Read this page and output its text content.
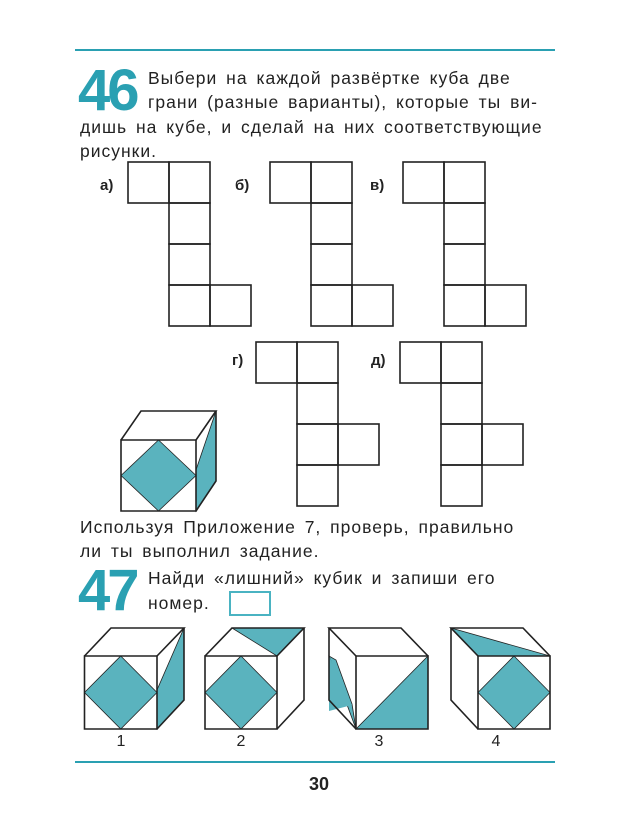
46 Выбери на каждой развёртке куба две
грани (разные варианты), которые ты ви-
дишь на кубе, и сделай на них соответствующие
рисунки.
а)	б)	в)
г)	д)
Используя Приложение 7, проверь, правильно
ли ты выполнил задание.
47 Найди «лишний» кубик и запиши его
номер.
1	2	3	4
30
